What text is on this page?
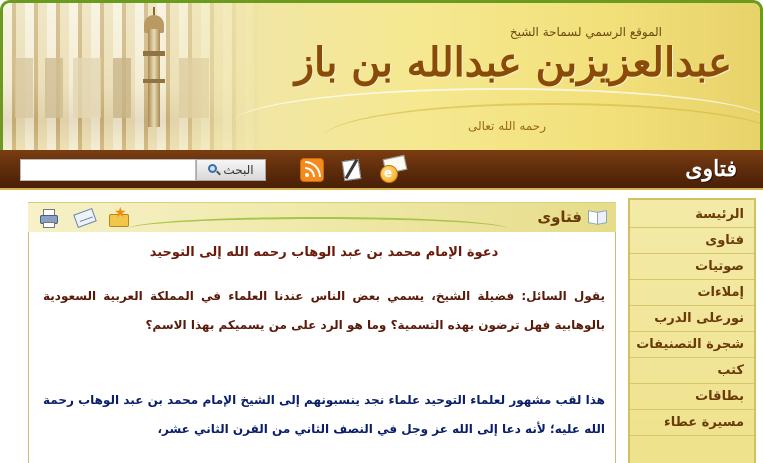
الموقع الرسمي لسماحة الشيخ
عبدالعزيزبن عبدالله بن باز
رحمه الله تعالى
البحث	e	فتاوى
★	فتاوى
دعوة الإمام محمد بن عبد الوهاب رحمه الله إلى التوحيد
يقول السائل: فضيلة الشيخ، يسمي بعض الناس عندنا العلماء في المملكة العربية السعودية بالوهابية فهل ترضون بهذه التسمية؟ وما هو الرد على من يسميكم بهذا الاسم؟
هذا لقب مشهور لعلماء التوحيد علماء نجد ينسبونهم إلى الشيخ الإمام محمد بن عبد الوهاب رحمة الله عليه؛ لأنه دعا إلى الله عز وجل في النصف الثاني من القرن الثاني عشر،
الرئيسة
فتاوى
صوتيات
إملاءات
نورعلى الدرب
شجرة التصنيفات
كتب
بطاقات
مسيرة عطاء
